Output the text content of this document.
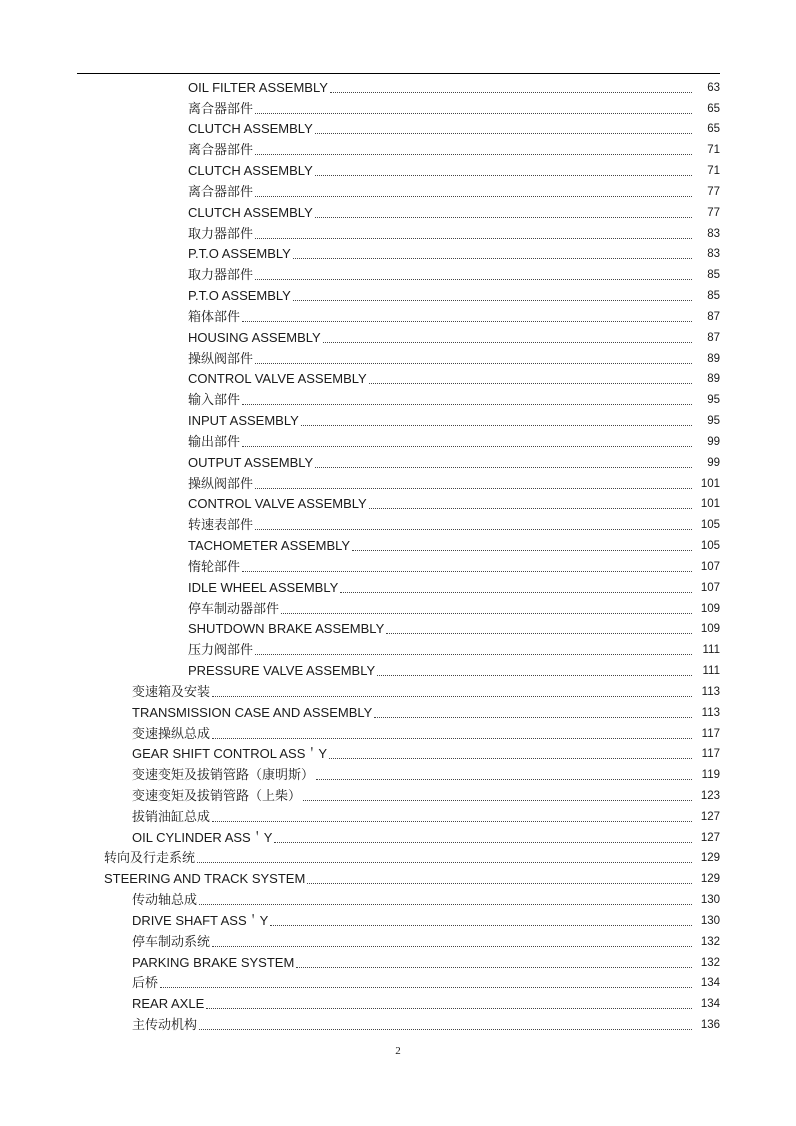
OIL FILTER ASSEMBLY	63
离合器部件	65
CLUTCH ASSEMBLY	65
离合器部件	71
CLUTCH ASSEMBLY	71
离合器部件	77
CLUTCH ASSEMBLY	77
取力器部件	83
P.T.O ASSEMBLY	83
取力器部件	85
P.T.O ASSEMBLY	85
箱体部件	87
HOUSING ASSEMBLY	87
操纵阀部件	89
CONTROL VALVE ASSEMBLY	89
输入部件	95
INPUT ASSEMBLY	95
输出部件	99
OUTPUT ASSEMBLY	99
操纵阀部件	101
CONTROL VALVE ASSEMBLY	101
转速表部件	105
TACHOMETER ASSEMBLY	105
惰轮部件	107
IDLE WHEEL ASSEMBLY	107
停车制动器部件	109
SHUTDOWN BRAKE ASSEMBLY	109
压力阀部件	111
PRESSURE VALVE ASSEMBLY	111
变速箱及安装	113
TRANSMISSION CASE AND ASSEMBLY	113
变速操纵总成	117
GEAR SHIFT CONTROL ASS＇Y	117
变速变矩及拔销管路（康明斯）	119
变速变矩及拔销管路（上柴）	123
拔销油缸总成	127
OIL CYLINDER ASS＇Y	127
转向及行走系统	129
STEERING AND TRACK SYSTEM	129
传动轴总成	130
DRIVE SHAFT ASS＇Y	130
停车制动系统	132
PARKING BRAKE SYSTEM	132
后桥	134
REAR AXLE	134
主传动机构	136
2
